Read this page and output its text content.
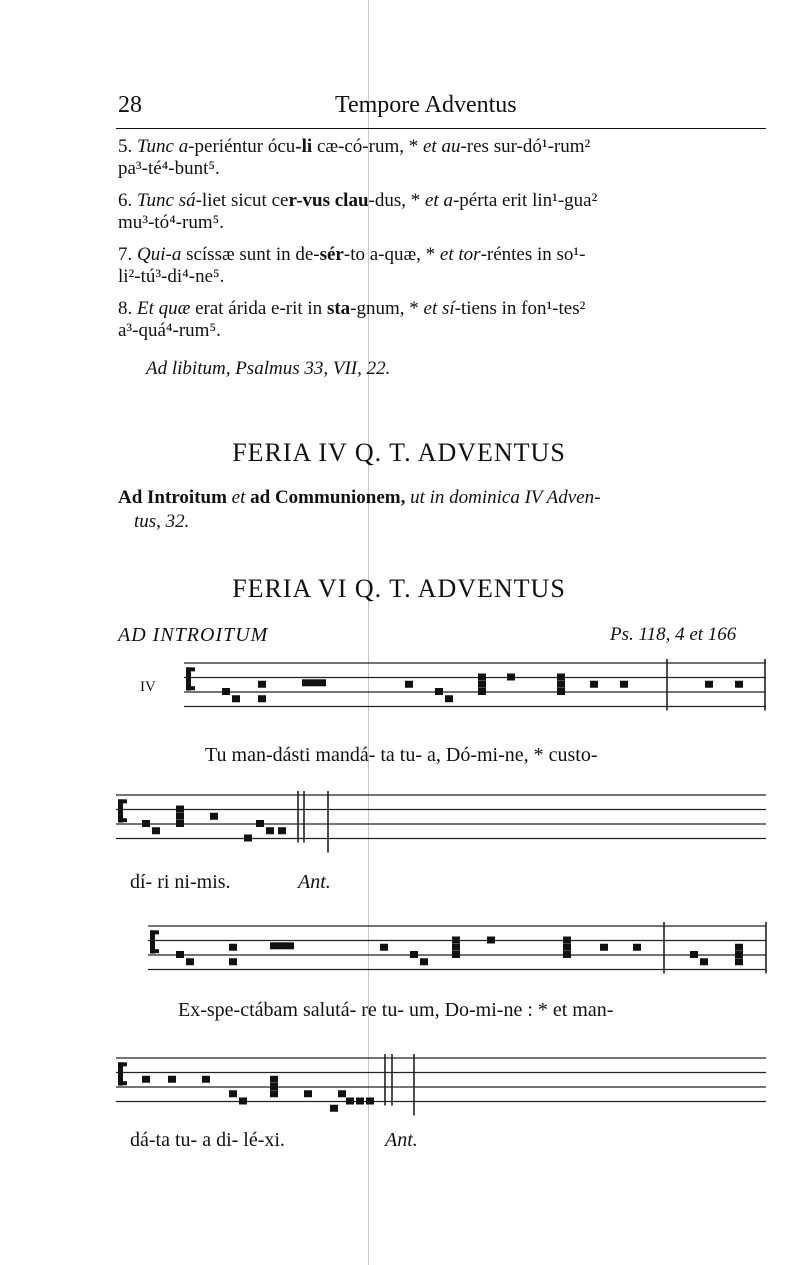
28	Tempore Adventus
5. Tunc a-periéntur ócu-li cæ-có-rum, * et au-res sur-dó¹-rum²
pa³-té⁴-bunt⁵.
6. Tunc sá-liet sicut cer-vus clau-dus, * et a-pérta erit lin¹-gua²
mu³-tó⁴-rum⁵.
7. Qui-a scíssæ sunt in de-sér-to a-quæ, * et tor-réntes in so¹-
li²-tú³-di⁴-ne⁵.
8. Et quæ erat árida e-rit in sta-gnum, * et sí-tiens in fon¹-tes²
a³-quá⁴-rum⁵.
Ad libitum, Psalmus 33, VII, 22.
FERIA IV Q. T. ADVENTUS
Ad Introitum et ad Communionem, ut in dominica IV Adven-
tus, 32.
FERIA VI Q. T. ADVENTUS
AD INTROITUM	Ps. 118, 4 et 166
IV
Tu man-dásti mandá- ta tu- a, Dó-mi-ne, * custo-
dí- ri ni-mis.	Ant.
Ex-spe-ctábam salutá- re tu- um, Do-mi-ne : * et man-
dá-ta tu- a di- lé-xi.	Ant.
